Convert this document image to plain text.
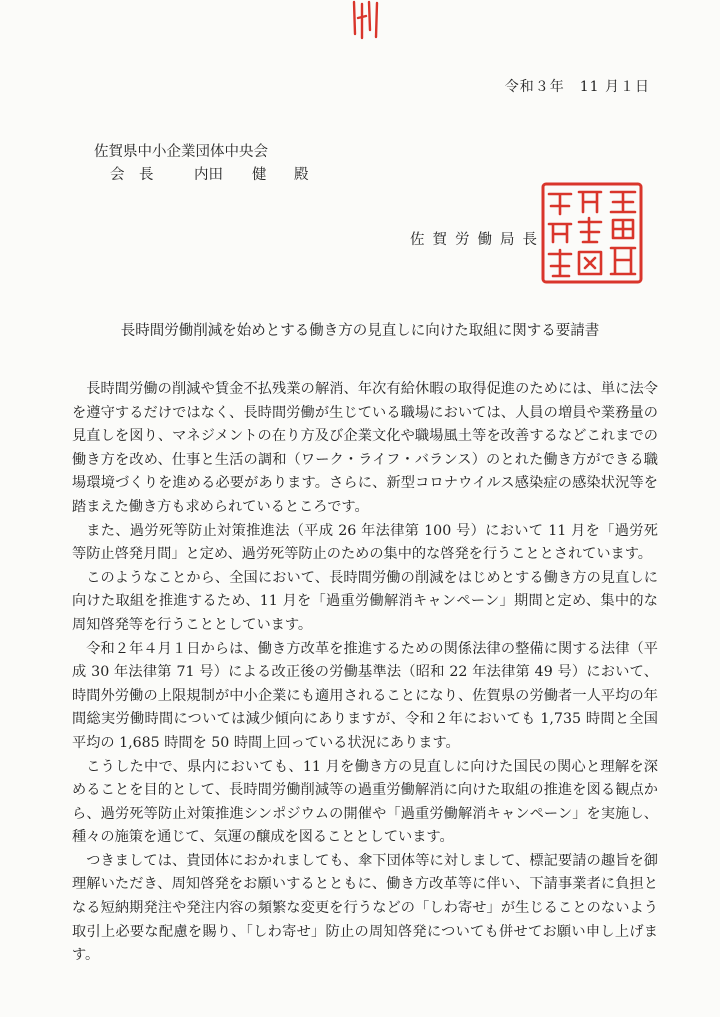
令和３年　11 月１日
佐賀県中小企業団体中央会
会　長	内田　　健 殿
佐賀労働局長
長時間労働削減を始めとする働き方の見直しに向けた取組に関する要請書

長時間労働の削減や賃金不払残業の解消、年次有給休暇の取得促進のためには、単に法令を遵守するだけではなく、長時間労働が生じている職場においては、人員の増員や業務量の見直しを図り、マネジメントの在り方及び企業文化や職場風土等を改善するなどこれまでの働き方を改め、仕事と生活の調和（ワーク・ライフ・バランス）のとれた働き方ができる職場環境づくりを進める必要があります。さらに、新型コロナウイルス感染症の感染状況等を踏まえた働き方も求められているところです。

また、過労死等防止対策推進法（平成 26 年法律第 100 号）において 11 月を「過労死等防止啓発月間」と定め、過労死等防止のための集中的な啓発を行うこととされています。

このようなことから、全国において、長時間労働の削減をはじめとする働き方の見直しに向けた取組を推進するため、11 月を「過重労働解消キャンペーン」期間と定め、集中的な周知啓発等を行うこととしています。

令和２年４月１日からは、働き方改革を推進するための関係法律の整備に関する法律（平成 30 年法律第 71 号）による改正後の労働基準法（昭和 22 年法律第 49 号）において、時間外労働の上限規制が中小企業にも適用されることになり、佐賀県の労働者一人平均の年間総実労働時間については減少傾向にありますが、令和２年においても 1,735 時間と全国平均の 1,685 時間を 50 時間上回っている状況にあります。

こうした中で、県内においても、11 月を働き方の見直しに向けた国民の関心と理解を深めることを目的として、長時間労働削減等の過重労働解消に向けた取組の推進を図る観点から、過労死等防止対策推進シンポジウムの開催や「過重労働解消キャンペーン」を実施し、種々の施策を通じて、気運の醸成を図ることとしています。

つきましては、貴団体におかれましても、傘下団体等に対しまして、標記要請の趣旨を御理解いただき、周知啓発をお願いするとともに、働き方改革等に伴い、下請事業者に負担となる短納期発注や発注内容の頻繁な変更を行うなどの「しわ寄せ」が生じることのないよう取引上必要な配慮を賜り、「しわ寄せ」防止の周知啓発についても併せてお願い申し上げます。
